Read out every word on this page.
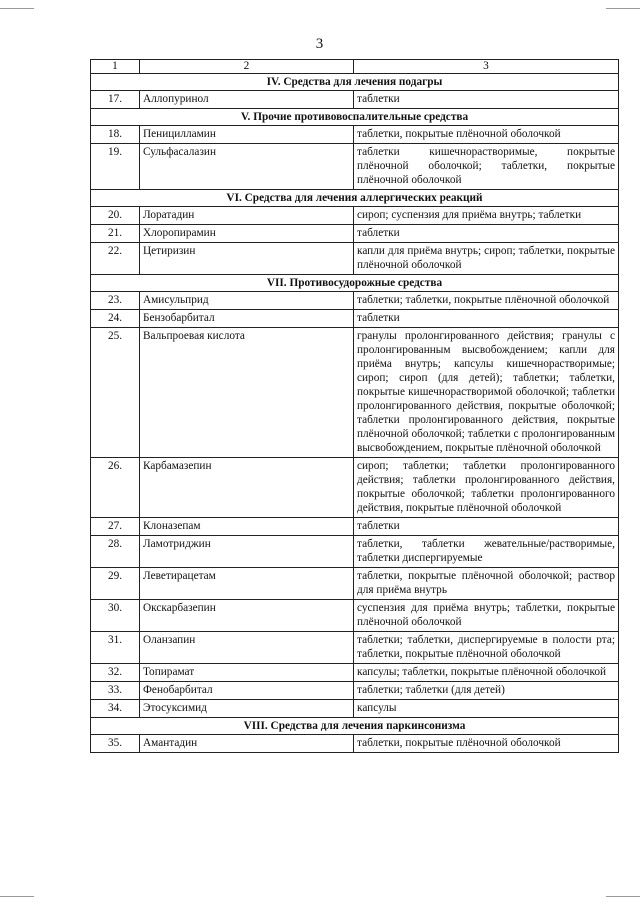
3
1	2	3
IV. Средства для лечения подагры		
17.	Аллопуринол	таблетки
V. Прочие противовоспалительные средства		
18.	Пеницилламин	таблетки, покрытые плёночной оболочкой
19.	Сульфасалазин	таблетки кишечнорастворимые, покрытые плёночной оболочкой; таблетки, покрытые плёночной оболочкой
VI. Средства для лечения аллергических реакций		
20.	Лоратадин	сироп; суспензия для приёма внутрь; таблетки
21.	Хлоропирамин	таблетки
22.	Цетиризин	капли для приёма внутрь; сироп; таблетки, покрытые плёночной оболочкой
VII. Противосудорожные средства		
23.	Амисульприд	таблетки; таблетки, покрытые плёночной оболочкой
24.	Бензобарбитал	таблетки
25.	Вальпроевая кислота	гранулы пролонгированного действия; гранулы с пролонгированным высвобождением; капли для приёма внутрь; капсулы кишечнорастворимые; сироп; сироп (для детей); таблетки; таблетки, покрытые кишечнорастворимой оболочкой; таблетки пролонгированного действия, покрытые оболочкой; таблетки пролонгированного действия, покрытые плёночной оболочкой; таблетки с пролонгированным высвобождением, покрытые плёночной оболочкой
26.	Карбамазепин	сироп; таблетки; таблетки пролонгированного действия; таблетки пролонгированного действия, покрытые оболочкой; таблетки пролонгированного действия, покрытые плёночной оболочкой
27.	Клоназепам	таблетки
28.	Ламотриджин	таблетки, таблетки жевательные/растворимые, таблетки диспергируемые
29.	Леветирацетам	таблетки, покрытые плёночной оболочкой; раствор для приёма внутрь
30.	Окскарбазепин	суспензия для приёма внутрь; таблетки, покрытые плёночной оболочкой
31.	Оланзапин	таблетки; таблетки, диспергируемые в полости рта; таблетки, покрытые плёночной оболочкой
32.	Топирамат	капсулы; таблетки, покрытые плёночной оболочкой
33.	Фенобарбитал	таблетки; таблетки (для детей)
34.	Этосуксимид	капсулы
VIII. Средства для лечения паркинсонизма		
35.	Амантадин	таблетки, покрытые плёночной оболочкой
